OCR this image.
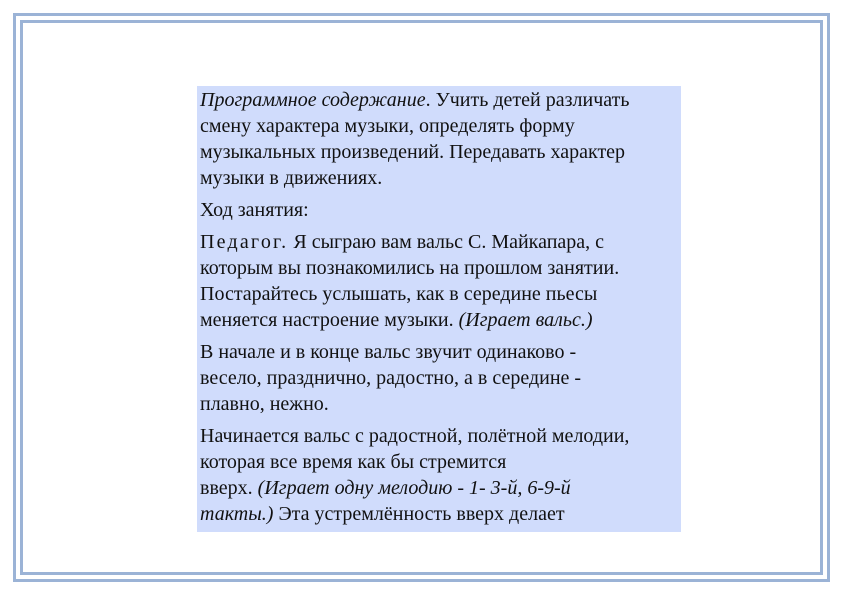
Программное содержание. Учить детей различать
смену характера музыки, определять форму
музыкальных произведений. Передавать характер
музыки в движениях.

Ход занятия:

Педагог. Я сыграю вам вальс С. Майкапара, с
которым вы познакомились на прошлом занятии.
Постарайтесь услышать, как в середине пьесы
меняется настроение музыки. (Играет вальс.)

В начале и в конце вальс звучит одинаково -
весело, празднично, радостно, а в середине -
плавно, нежно.

Начинается вальс с радостной, полётной мелодии,
которая все время как бы стремится
вверх. (Играет одну мелодию - 1- 3-й, 6-9-й
такты.) Эта устремлённость вверх делает
